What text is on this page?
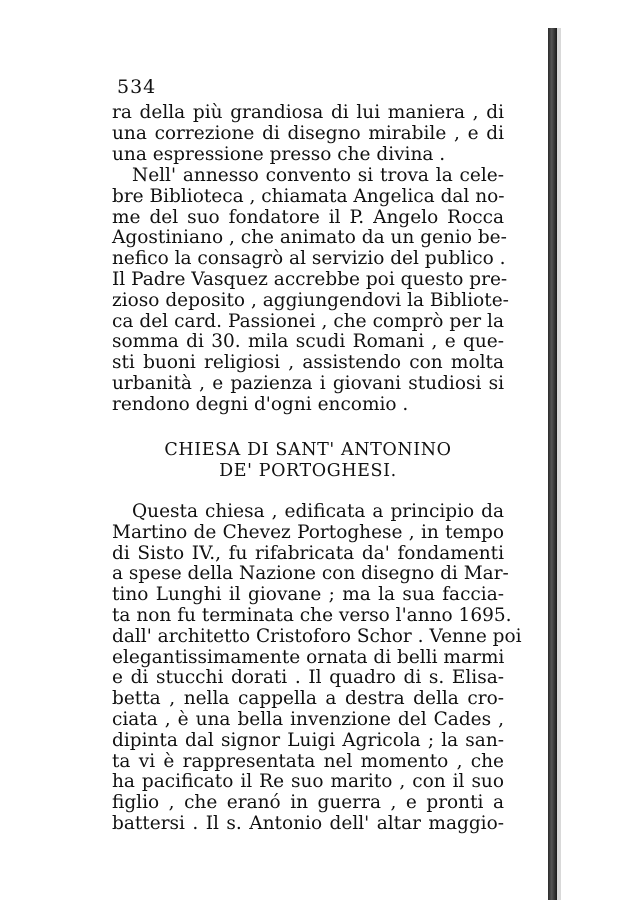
534
ra della più grandiosa di lui maniera , di
una correzione di disegno mirabile , e di
una espressione presso che divina .
Nell' annesso convento si trova la cele-
bre Biblioteca , chiamata Angelica dal no-
me del suo fondatore il P. Angelo Rocca
Agostiniano , che animato da un genio be-
nefico la consagrò al servizio del publico .
Il Padre Vasquez accrebbe poi questo pre-
zioso deposito , aggiungendovi la Bibliote-
ca del card. Passionei , che comprò per la
somma di 30. mila scudi Romani , e que-
sti buoni religiosi , assistendo con molta
urbanità , e pazienza i giovani studiosi si
rendono degni d'ogni encomio .
CHIESA DI SANT' ANTONINO
DE' PORTOGHESI.
Questa chiesa , edificata a principio da
Martino de Chevez Portoghese , in tempo
di Sisto IV., fu rifabricata da' fondamenti
a spese della Nazione con disegno di Mar-
tino Lunghi il giovane ; ma la sua faccia-
ta non fu terminata che verso l'anno 1695.
dall' architetto Cristoforo Schor . Venne poi
elegantissimamente ornata di belli marmi
e di stucchi dorati . Il quadro di s. Elisa-
betta , nella cappella a destra della cro-
ciata , è una bella invenzione del Cades ,
dipinta dal signor Luigi Agricola ; la san-
ta vi è rappresentata nel momento , che
ha pacificato il Re suo marito , con il suo
figlio , che eranó in guerra , e pronti a
battersi . Il s. Antonio dell' altar maggio-
